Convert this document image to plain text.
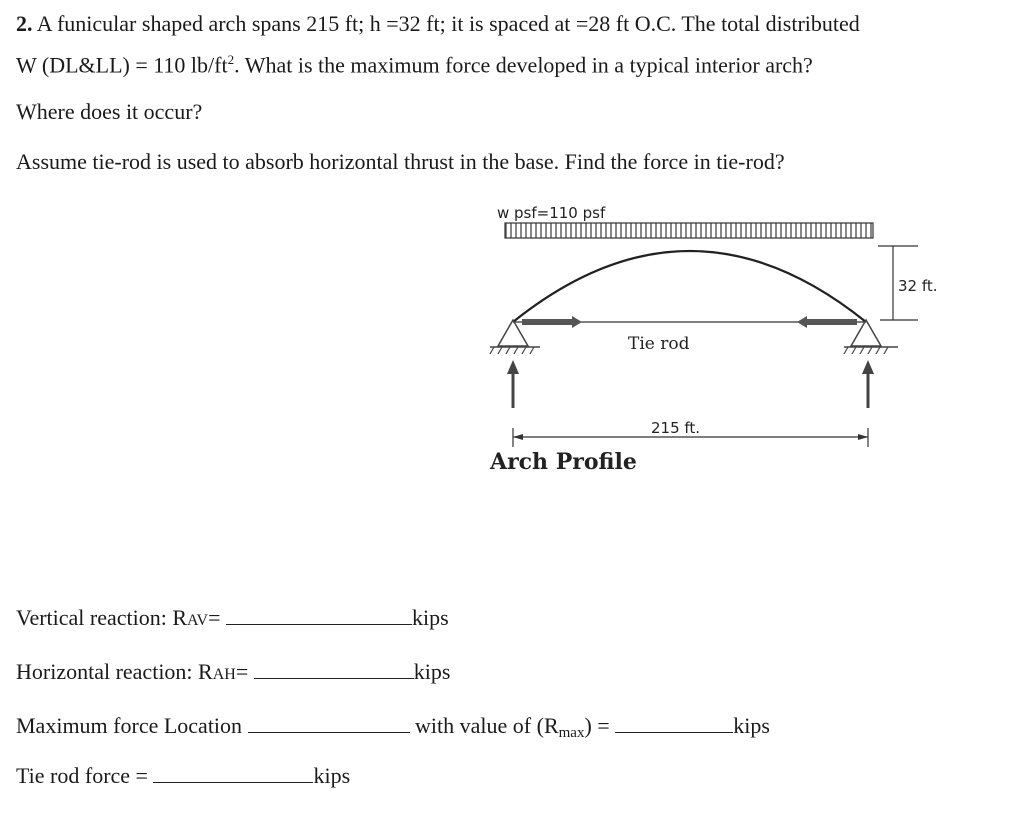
2. A funicular shaped arch spans 215 ft; h =32 ft; it is spaced at =28 ft O.C. The total distributed
W (DL&LL) = 110 $lb/ft^2$. What is the maximum force developed in a typical interior arch?
Where does it occur?
Assume tie-rod is used to absorb horizontal thrust in the base. Find the force in tie-rod?
w psf=110 psf
Tie rod
32 ft.
215 ft.
Arch Profile
Vertical reaction: RAV=	kips
Horizontal reaction: RAH=	kips
Maximum force Location	with value of (Rmax) =	kips
Tie rod force =	kips
